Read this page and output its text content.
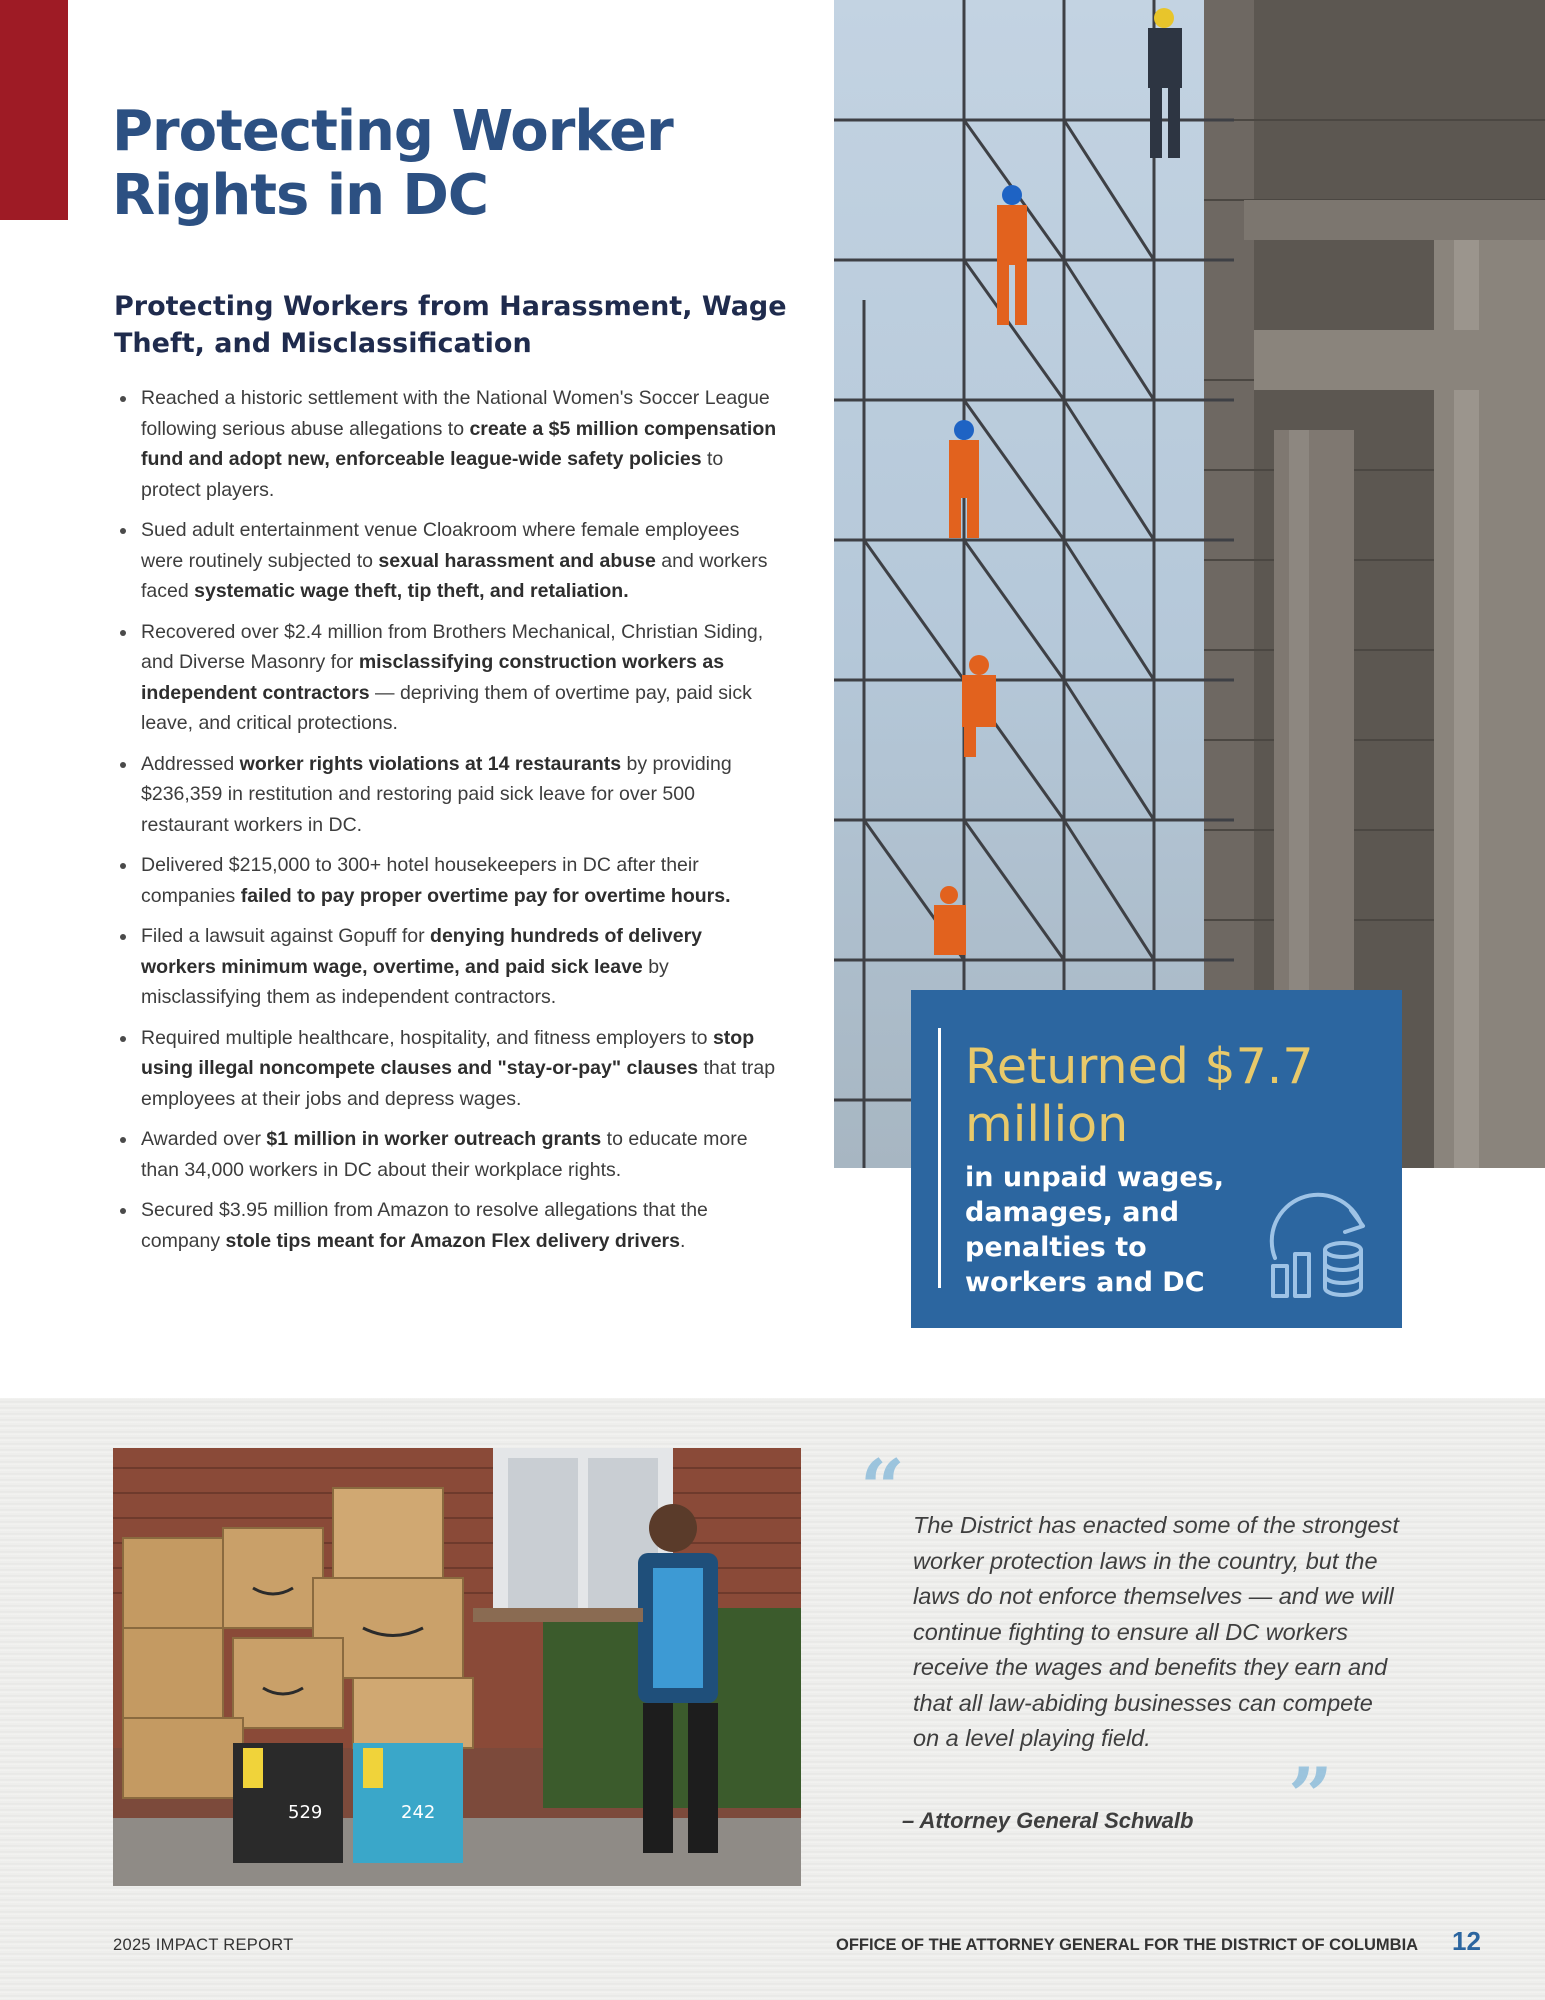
Protecting Worker Rights in DC
Protecting Workers from Harassment, Wage Theft, and Misclassification
Reached a historic settlement with the National Women's Soccer League following serious abuse allegations to create a $5 million compensation fund and adopt new, enforceable league-wide safety policies to protect players.
Sued adult entertainment venue Cloakroom where female employees were routinely subjected to sexual harassment and abuse and workers faced systematic wage theft, tip theft, and retaliation.
Recovered over $2.4 million from Brothers Mechanical, Christian Siding, and Diverse Masonry for misclassifying construction workers as independent contractors — depriving them of overtime pay, paid sick leave, and critical protections.
Addressed worker rights violations at 14 restaurants by providing $236,359 in restitution and restoring paid sick leave for over 500 restaurant workers in DC.
Delivered $215,000 to 300+ hotel housekeepers in DC after their companies failed to pay proper overtime pay for overtime hours.
Filed a lawsuit against Gopuff for denying hundreds of delivery workers minimum wage, overtime, and paid sick leave by misclassifying them as independent contractors.
Required multiple healthcare, hospitality, and fitness employers to stop using illegal noncompete clauses and "stay-or-pay" clauses that trap employees at their jobs and depress wages.
Awarded over $1 million in worker outreach grants to educate more than 34,000 workers in DC about their workplace rights.
Secured $3.95 million from Amazon to resolve allegations that the company stole tips meant for Amazon Flex delivery drivers.
Returned $7.7 million
in unpaid wages, damages, and penalties to workers and DC
529	242
“ The District has enacted some of the strongest worker protection laws in the country, but the laws do not enforce themselves — and we will continue fighting to ensure all DC workers receive the wages and benefits they earn and that all law-abiding businesses can compete on a level playing field.

”
– Attorney General Schwalb
2025 IMPACT REPORT	OFFICE OF THE ATTORNEY GENERAL FOR THE DISTRICT OF COLUMBIA 12
